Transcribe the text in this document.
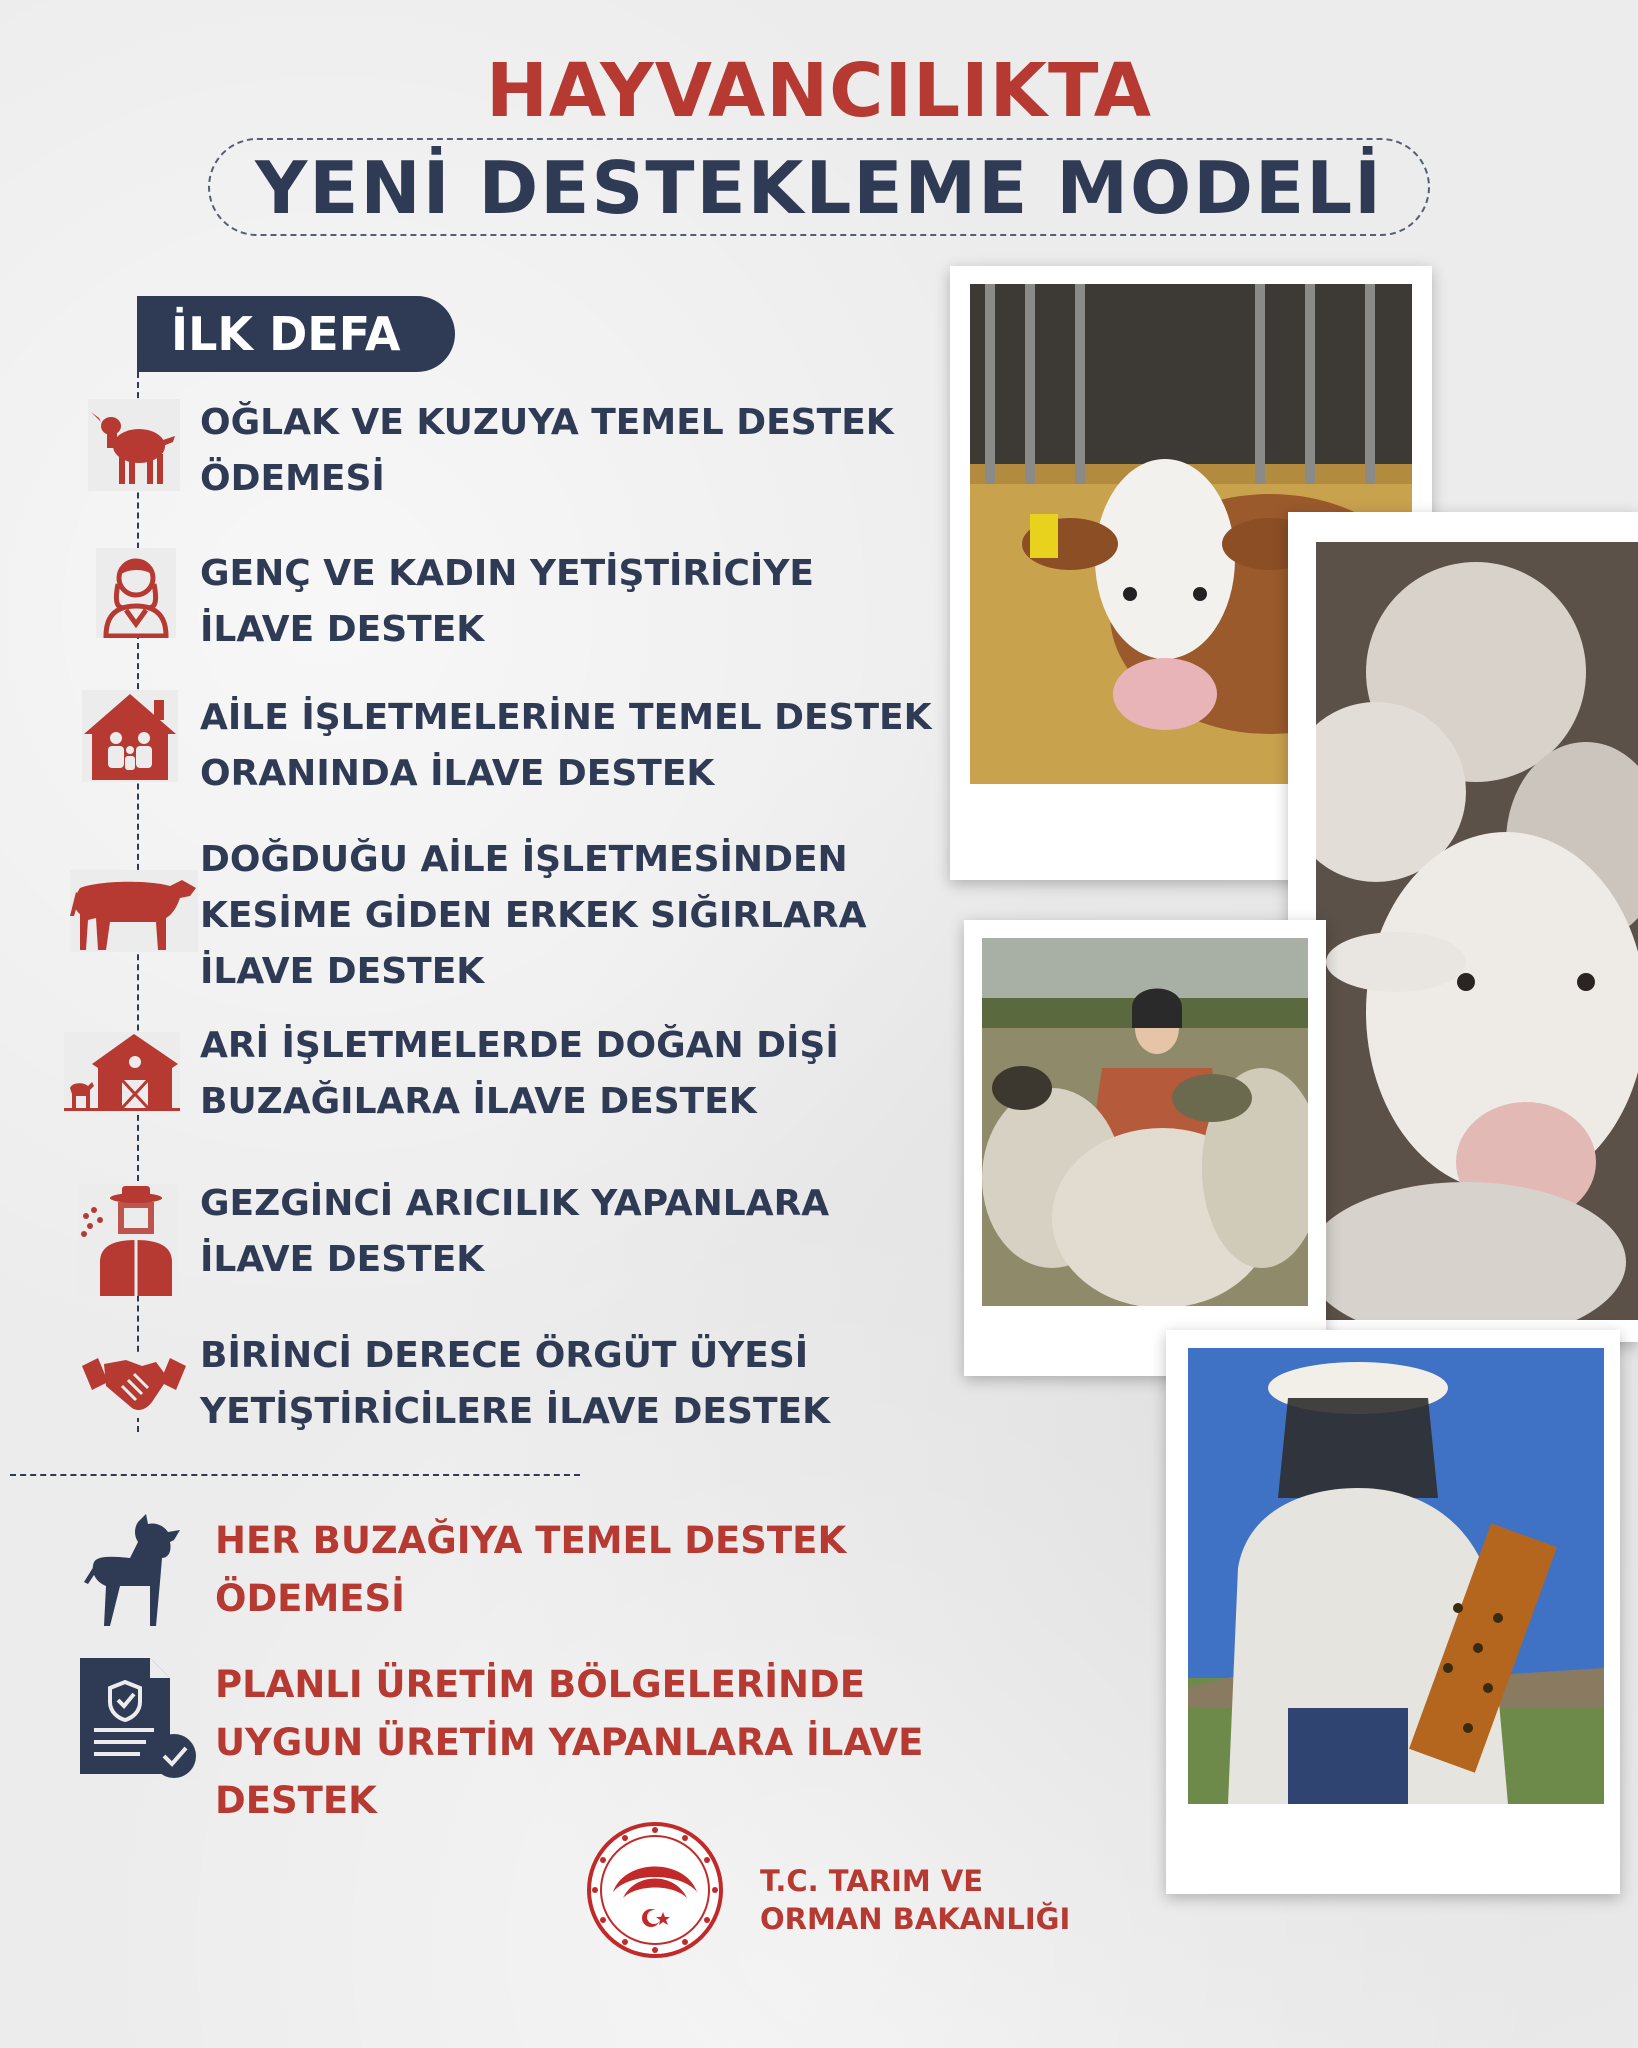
HAYVANCILIKTA
YENİ DESTEKLEME MODELİ
İLK DEFA
OĞLAK VE KUZUYA TEMEL DESTEK
ÖDEMESİ
GENÇ VE KADIN YETİŞTİRİCİYE
İLAVE DESTEK
AİLE İŞLETMELERİNE TEMEL DESTEK
ORANINDA İLAVE DESTEK
DOĞDUĞU AİLE İŞLETMESİNDEN
KESİME GİDEN ERKEK SIĞIRLARA
İLAVE DESTEK
ARİ İŞLETMELERDE DOĞAN DİŞİ
BUZAĞILARA İLAVE DESTEK
GEZGİNCİ ARICILIK YAPANLARA
İLAVE DESTEK
BİRİNCİ DERECE ÖRGÜT ÜYESİ
YETİŞTİRİCİLERE İLAVE DESTEK
HER BUZAĞIYA TEMEL DESTEK
ÖDEMESİ
PLANLI ÜRETİM BÖLGELERİNDE
UYGUN ÜRETİM YAPANLARA İLAVE DESTEK
T.C. TARIM VE
ORMAN BAKANLIĞI
